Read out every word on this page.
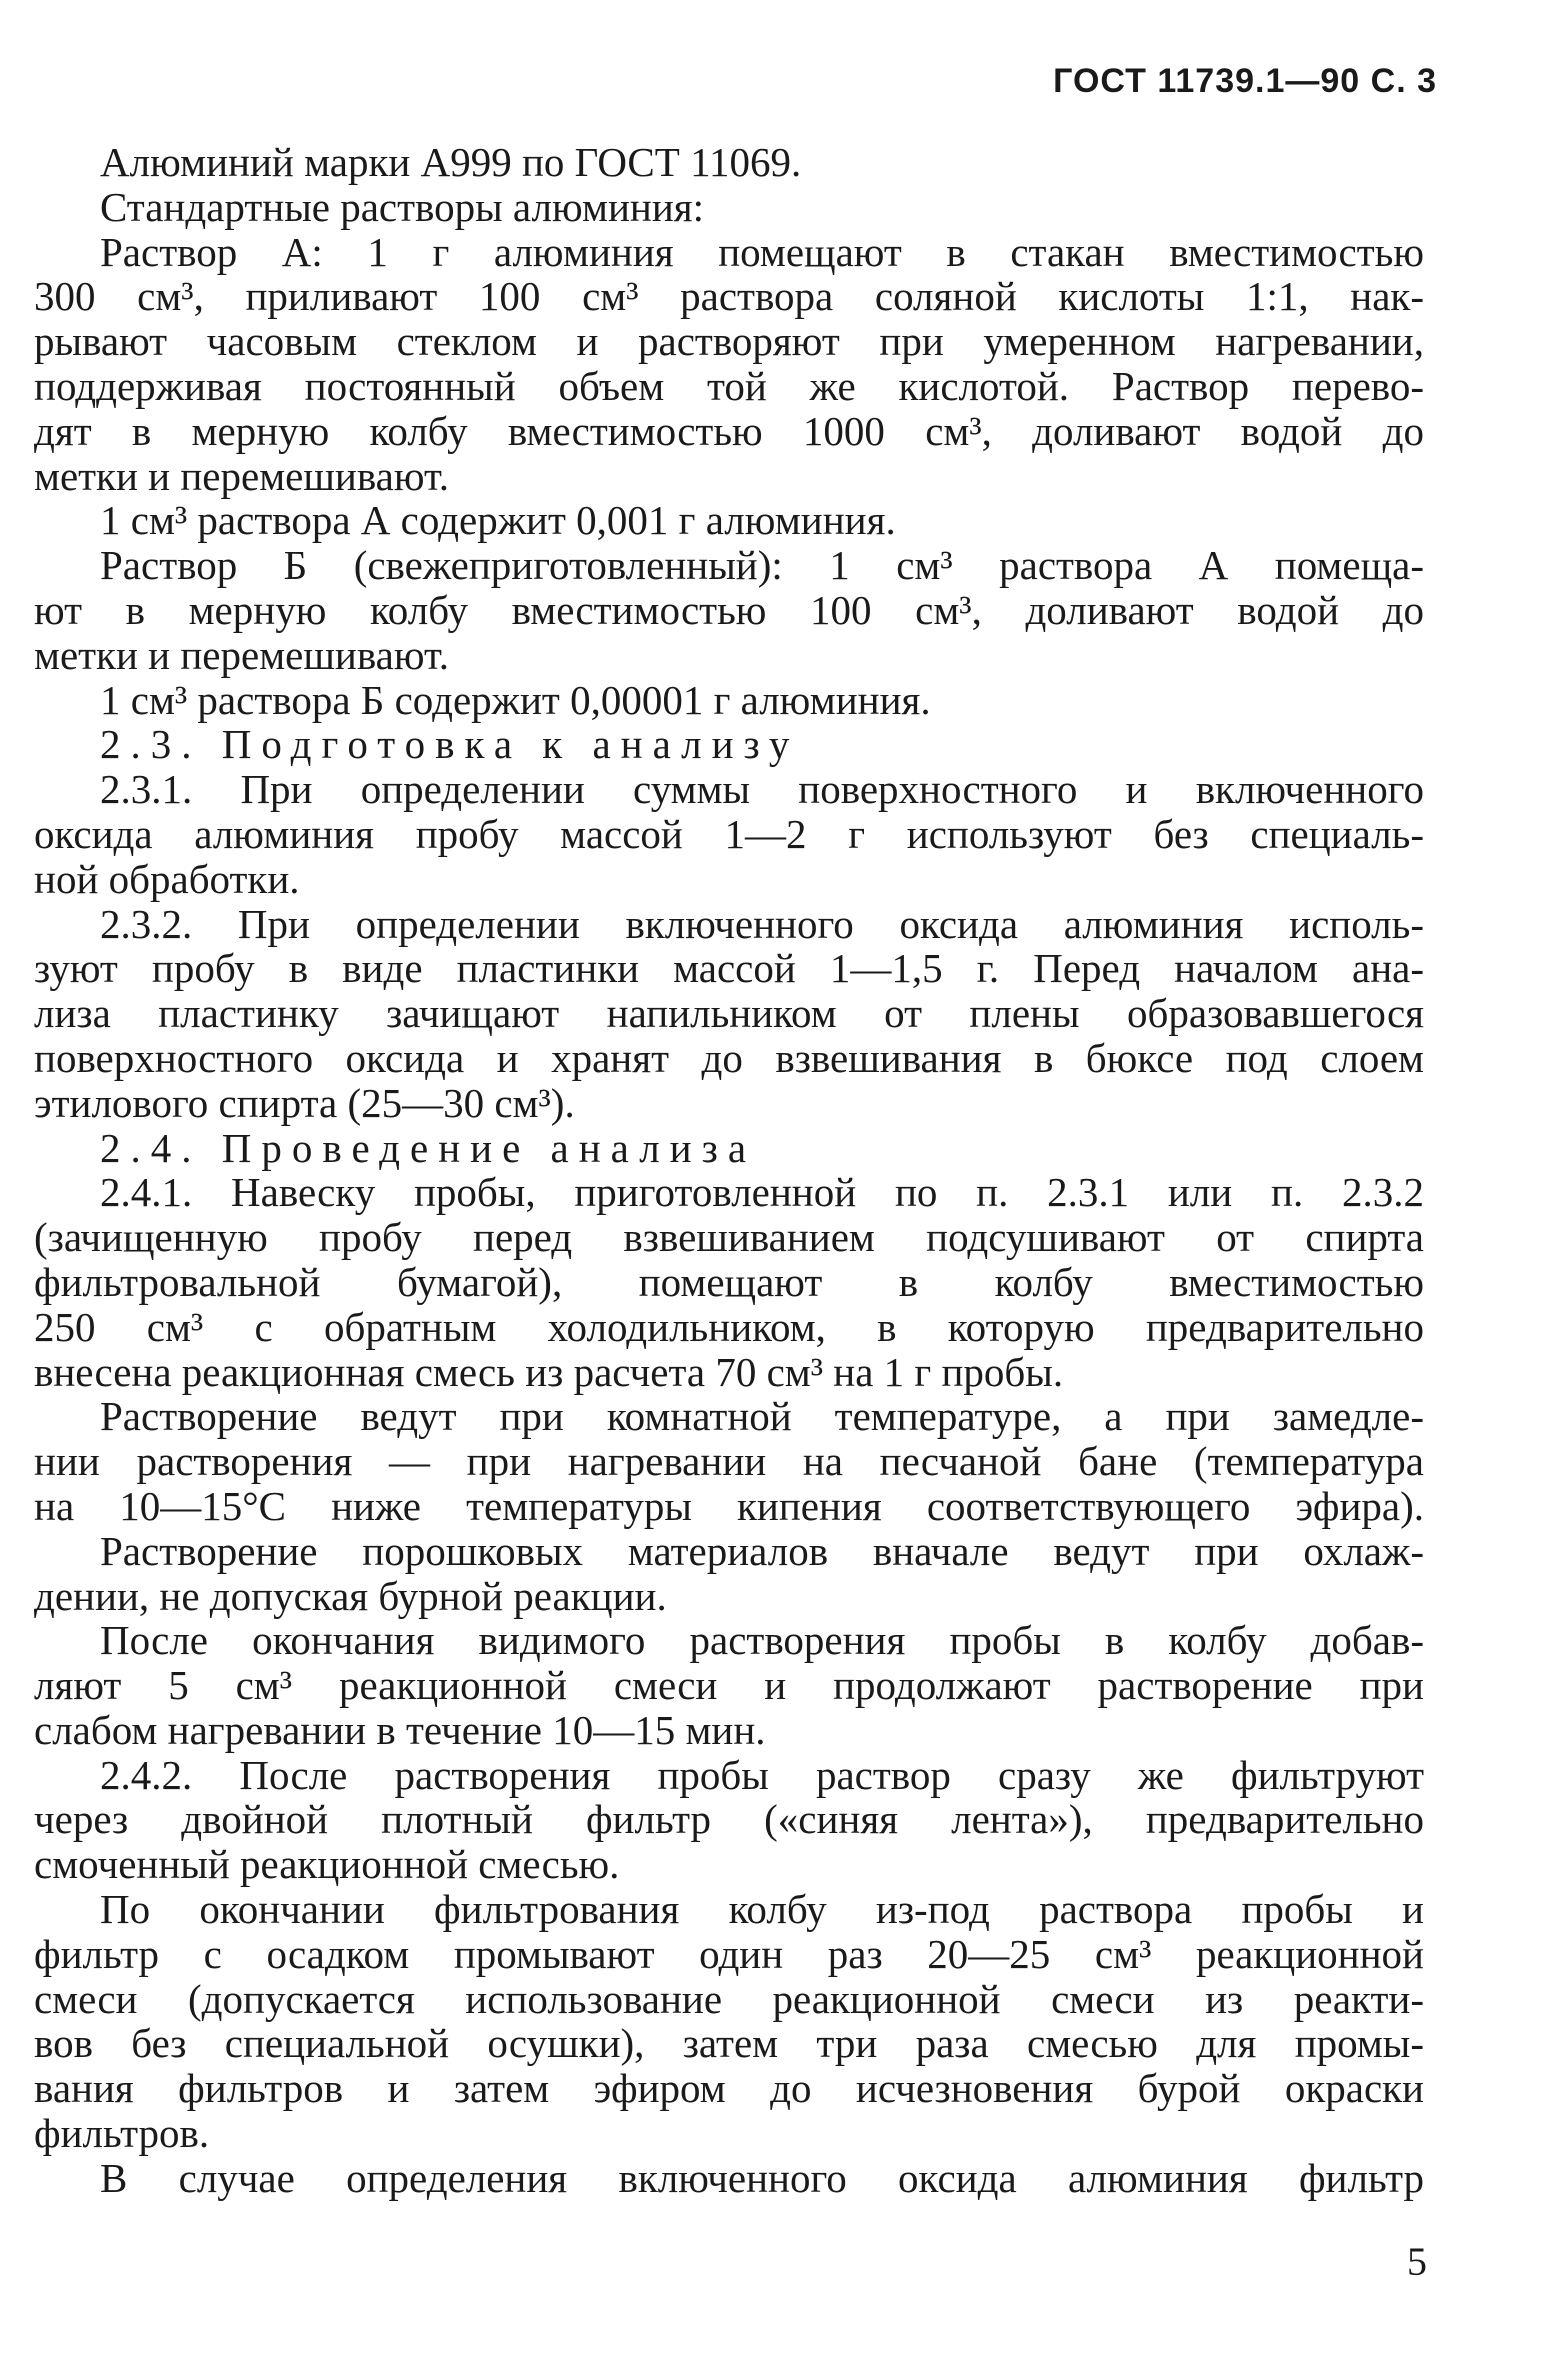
ГОСТ 11739.1—90 С. 3
Алюминий марки А999 по ГОСТ 11069.
Стандартные растворы алюминия:
Раствор А: 1 г алюминия помещают в стакан вместимостью
300 см³, приливают 100 см³ раствора соляной кислоты 1:1, нак-
рывают часовым стеклом и растворяют при умеренном нагревании,
поддерживая постоянный объем той же кислотой. Раствор перево-
дят в мерную колбу вместимостью 1000 см³, доливают водой до
метки и перемешивают.
1 см³ раствора А содержит 0,001 г алюминия.
Раствор Б (свежеприготовленный): 1 см³ раствора А помеща-
ют в мерную колбу вместимостью 100 см³, доливают водой до
метки и перемешивают.
1 см³ раствора Б содержит 0,00001 г алюминия.
2.3. Подготовка к анализу
2.3.1. При определении суммы поверхностного и включенного
оксида алюминия пробу массой 1—2 г используют без специаль-
ной обработки.
2.3.2. При определении включенного оксида алюминия исполь-
зуют пробу в виде пластинки массой 1—1,5 г. Перед началом ана-
лиза пластинку зачищают напильником от плены образовавшегося
поверхностного оксида и хранят до взвешивания в бюксе под слоем
этилового спирта (25—30 см³).
2.4. Проведение анализа
2.4.1. Навеску пробы, приготовленной по п. 2.3.1 или п. 2.3.2
(зачищенную пробу перед взвешиванием подсушивают от спирта
фильтровальной бумагой), помещают в колбу вместимостью
250 см³ с обратным холодильником, в которую предварительно
внесена реакционная смесь из расчета 70 см³ на 1 г пробы.
Растворение ведут при комнатной температуре, а при замедле-
нии растворения — при нагревании на песчаной бане (температура
на 10—15°С ниже температуры кипения соответствующего эфира).
Растворение порошковых материалов вначале ведут при охлаж-
дении, не допуская бурной реакции.
После окончания видимого растворения пробы в колбу добав-
ляют 5 см³ реакционной смеси и продолжают растворение при
слабом нагревании в течение 10—15 мин.
2.4.2. После растворения пробы раствор сразу же фильтруют
через двойной плотный фильтр («синяя лента»), предварительно
смоченный реакционной смесью.
По окончании фильтрования колбу из-под раствора пробы и
фильтр с осадком промывают один раз 20—25 см³ реакционной
смеси (допускается использование реакционной смеси из реакти-
вов без специальной осушки), затем три раза смесью для промы-
вания фильтров и затем эфиром до исчезновения бурой окраски
фильтров.
В случае определения включенного оксида алюминия фильтр
5
